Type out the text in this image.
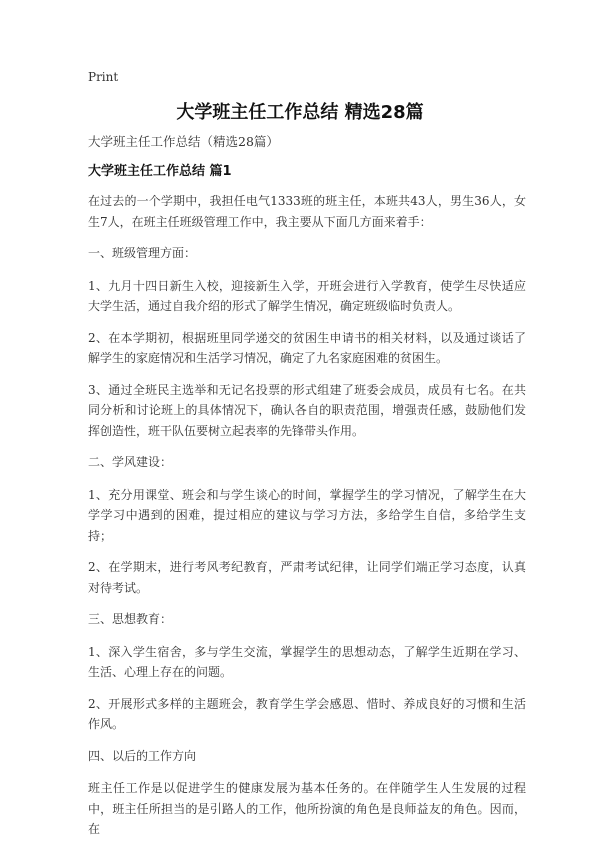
Print
大学班主任工作总结 精选28篇

大学班主任工作总结（精选28篇）

大学班主任工作总结 篇1

在过去的一个学期中，我担任电气1333班的班主任，本班共43人，男生36人，女生7人，在班主任班级管理工作中，我主要从下面几方面来着手：

一、班级管理方面：

1、九月十四日新生入校，迎接新生入学，开班会进行入学教育，使学生尽快适应大学生活，通过自我介绍的形式了解学生情况，确定班级临时负责人。

2、在本学期初，根据班里同学递交的贫困生申请书的相关材料，以及通过谈话了解学生的家庭情况和生活学习情况，确定了九名家庭困难的贫困生。

3、通过全班民主选举和无记名投票的形式组建了班委会成员，成员有七名。在共同分析和讨论班上的具体情况下，确认各自的职责范围，增强责任感，鼓励他们发挥创造性，班干队伍要树立起表率的先锋带头作用。

二、学风建设：

1、充分用课堂、班会和与学生谈心的时间，掌握学生的学习情况，了解学生在大学学习中遇到的困难，提过相应的建议与学习方法，多给学生自信，多给学生支持；

2、在学期末，进行考风考纪教育，严肃考试纪律，让同学们端正学习态度，认真对待考试。

三、思想教育：

1、深入学生宿舍，多与学生交流，掌握学生的思想动态，了解学生近期在学习、生活、心理上存在的问题。

2、开展形式多样的主题班会，教育学生学会感恩、惜时、养成良好的习惯和生活作风。

四、以后的工作方向

班主任工作是以促进学生的健康发展为基本任务的。在伴随学生人生发展的过程中，班主任所担当的是引路人的工作，他所扮演的角色是良师益友的角色。因而，在
